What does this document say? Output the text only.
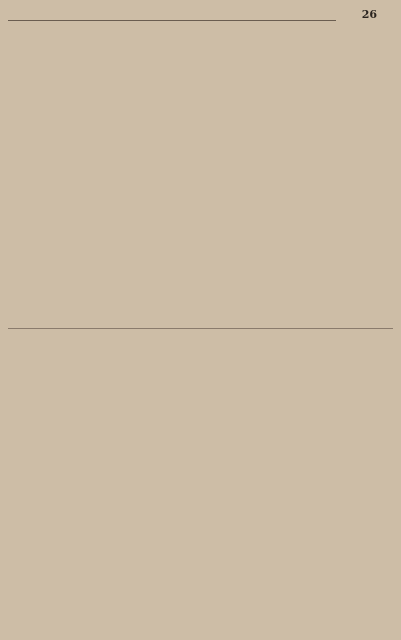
26
